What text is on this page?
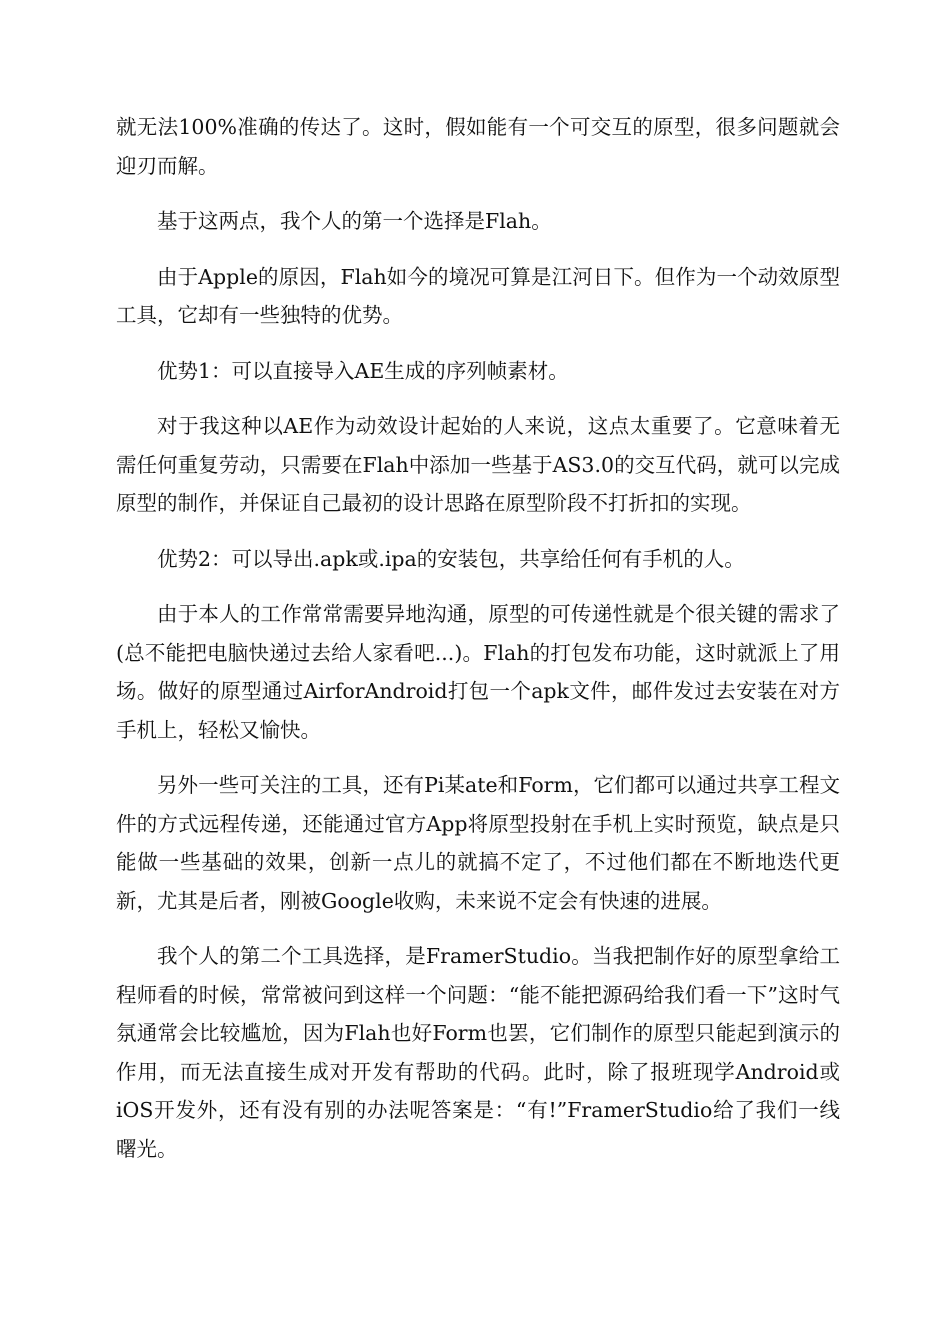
就无法100%准确的传达了。这时，假如能有一个可交互的原型，很多问题就会迎刃而解。

基于这两点，我个人的第一个选择是Flah。

由于Apple的原因，Flah如今的境况可算是江河日下。但作为一个动效原型工具，它却有一些独特的优势。

优势1：可以直接导入AE生成的序列帧素材。

对于我这种以AE作为动效设计起始的人来说，这点太重要了。它意味着无需任何重复劳动，只需要在Flah中添加一些基于AS3.0的交互代码，就可以完成原型的制作，并保证自己最初的设计思路在原型阶段不打折扣的实现。

优势2：可以导出.apk或.ipa的安装包，共享给任何有手机的人。

由于本人的工作常常需要异地沟通，原型的可传递性就是个很关键的需求了(总不能把电脑快递过去给人家看吧...)。Flah的打包发布功能，这时就派上了用场。做好的原型通过AirforAndroid打包一个apk文件，邮件发过去安装在对方手机上，轻松又愉快。

另外一些可关注的工具，还有Pi某ate和Form，它们都可以通过共享工程文件的方式远程传递，还能通过官方App将原型投射在手机上实时预览，缺点是只能做一些基础的效果，创新一点儿的就搞不定了，不过他们都在不断地迭代更新，尤其是后者，刚被Google收购，未来说不定会有快速的进展。

我个人的第二个工具选择，是FramerStudio。当我把制作好的原型拿给工程师看的时候，常常被问到这样一个问题：“能不能把源码给我们看一下”这时气氛通常会比较尴尬，因为Flah也好Form也罢，它们制作的原型只能起到演示的作用，而无法直接生成对开发有帮助的代码。此时，除了报班现学Android或iOS开发外，还有没有别的办法呢答案是：“有!”FramerStudio给了我们一线曙光。
